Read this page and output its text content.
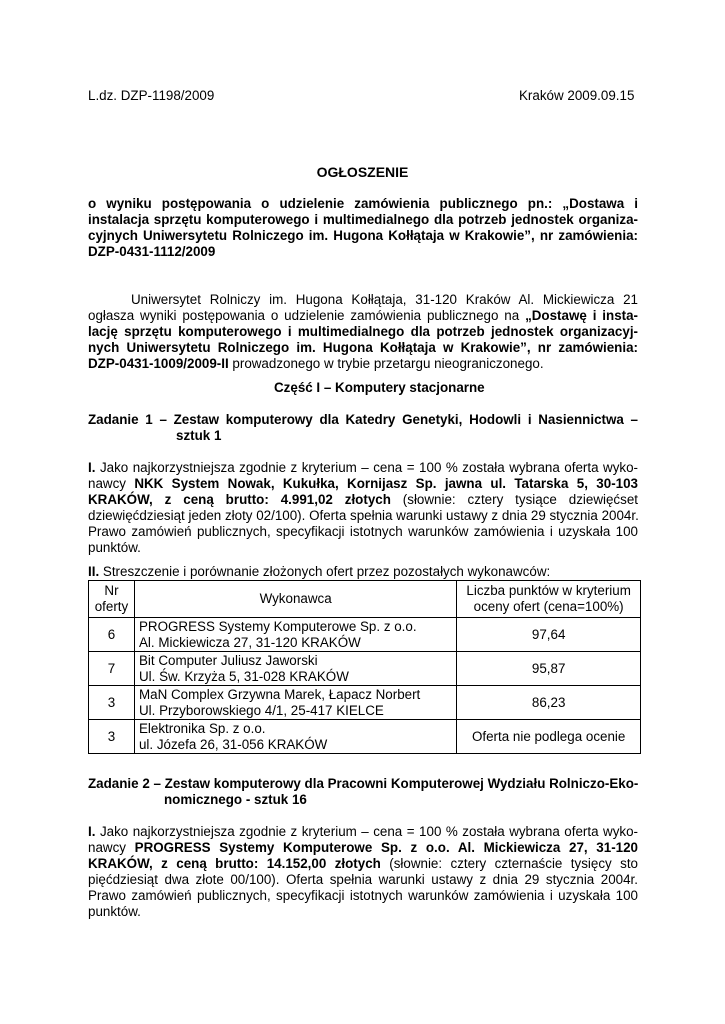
L.dz. DZP-1198/2009	Kraków 2009.09.15
OGŁOSZENIE
o wyniku postępowania o udzielenie zamówienia publicznego pn.: „Dostawa i
instalacja sprzętu komputerowego i multimedialnego dla potrzeb jednostek organiza-
cyjnych Uniwersytetu Rolniczego im. Hugona Kołłątaja w Krakowie”, nr zamówienia:
DZP-0431-1112/2009
Uniwersytet Rolniczy im. Hugona Kołłątaja, 31-120 Kraków Al. Mickiewicza 21
ogłasza wyniki postępowania o udzielenie zamówienia publicznego na „Dostawę i insta-
lację sprzętu komputerowego i multimedialnego dla potrzeb jednostek organizacyj-
nych Uniwersytetu Rolniczego im. Hugona Kołłątaja w Krakowie”, nr zamówienia:
DZP-0431-1009/2009-II prowadzonego w trybie przetargu nieograniczonego.
Część I – Komputery stacjonarne
Zadanie 1 – Zestaw komputerowy dla Katedry Genetyki, Hodowli i Nasiennictwa –
sztuk 1
I. Jako najkorzystniejsza zgodnie z kryterium – cena = 100 % została wybrana oferta wyko-
nawcy NKK System Nowak, Kukułka, Kornijasz Sp. jawna ul. Tatarska 5, 30-103
KRAKÓW, z ceną brutto: 4.991,02 złotych (słownie: cztery tysiące dziewięćset
dziewięćdziesiąt jeden złoty 02/100). Oferta spełnia warunki ustawy z dnia 29 stycznia 2004r.
Prawo zamówień publicznych, specyfikacji istotnych warunków zamówienia i uzyskała 100
punktów.
II. Streszczenie i porównanie złożonych ofert przez pozostałych wykonawców:
Nr
oferty	Wykonawca	Liczba punktów w kryterium
oceny ofert (cena=100%)
6	PROGRESS Systemy Komputerowe Sp. z o.o.
Al. Mickiewicza 27, 31-120 KRAKÓW	97,64
7	Bit Computer Juliusz Jaworski
Ul. Św. Krzyża 5, 31-028 KRAKÓW	95,87
3	MaN Complex Grzywna Marek, Łapacz Norbert
Ul. Przyborowskiego 4/1, 25-417 KIELCE	86,23
3	Elektronika Sp. z o.o.
ul. Józefa 26, 31-056 KRAKÓW	Oferta nie podlega ocenie
Zadanie 2 – Zestaw komputerowy dla Pracowni Komputerowej Wydziału Rolniczo-Eko-
nomicznego - sztuk 16
I. Jako najkorzystniejsza zgodnie z kryterium – cena = 100 % została wybrana oferta wyko-
nawcy PROGRESS Systemy Komputerowe Sp. z o.o. Al. Mickiewicza 27, 31-120
KRAKÓW, z ceną brutto: 14.152,00 złotych (słownie: cztery czternaście tysięcy sto
pięćdziesiąt dwa złote 00/100). Oferta spełnia warunki ustawy z dnia 29 stycznia 2004r.
Prawo zamówień publicznych, specyfikacji istotnych warunków zamówienia i uzyskała 100
punktów.
